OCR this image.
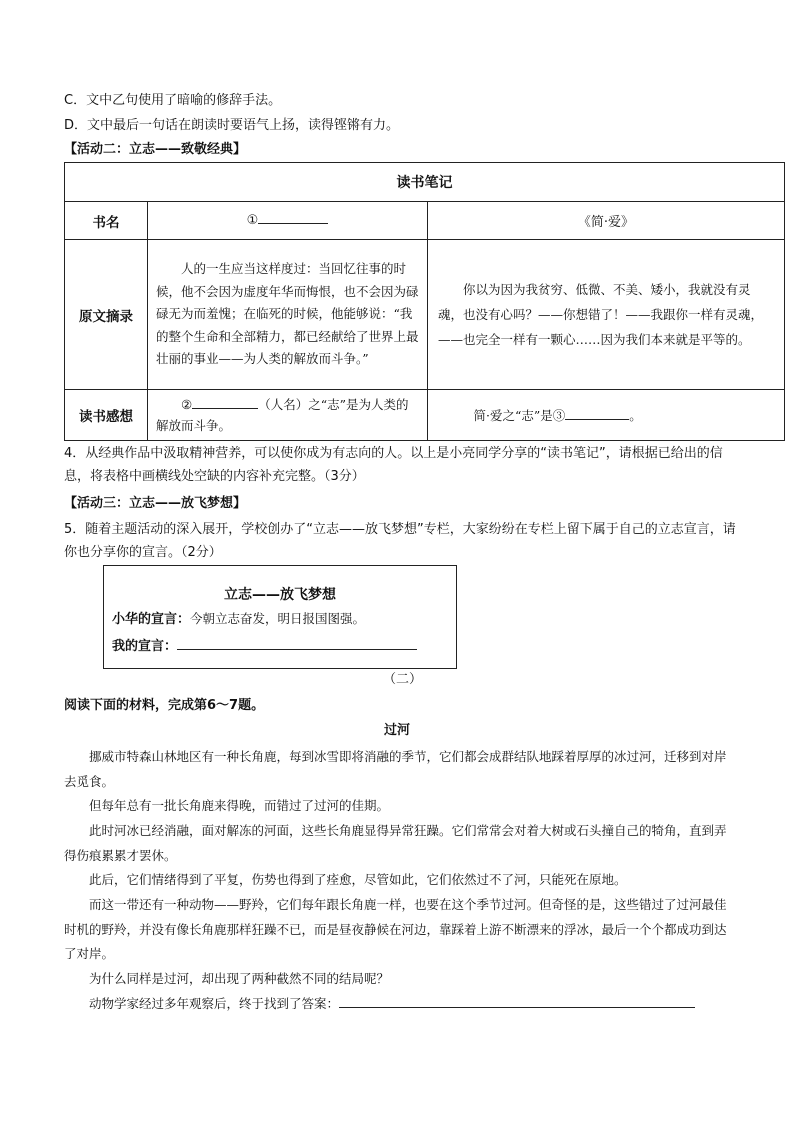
C．文中乙句使用了暗喻的修辞手法。
D．文中最后一句话在朗读时要语气上扬，读得铿锵有力。
【活动二：立志——致敬经典】
读书笔记		
书名	①	《简·爱》
原文摘录	人的一生应当这样度过：当回忆往事的时候，他不会因为虚度年华而悔恨，也不会因为碌碌无为而羞愧；在临死的时候，他能够说：“我的整个生命和全部精力，都已经献给了世界上最壮丽的事业——为人类的解放而斗争。”	你以为因为我贫穷、低微、不美、矮小，我就没有灵魂，也没有心吗？——你想错了！——我跟你一样有灵魂，——也完全一样有一颗心……因为我们本来就是平等的。
读书感想	② （人名）之“志”是为人类的解放而斗争。	简·爱之“志”是③ 。
4．从经典作品中汲取精神营养，可以使你成为有志向的人。以上是小亮同学分享的“读书笔记”，请根据已给出的信息，将表格中画横线处空缺的内容补充完整。（3分）
【活动三：立志——放飞梦想】
5．随着主题活动的深入展开，学校创办了“立志——放飞梦想”专栏，大家纷纷在专栏上留下属于自己的立志宣言，请你也分享你的宣言。（2分）
立志——放飞梦想
小华的宣言：今朝立志奋发，明日报国图强。
我的宣言：
（二）
阅读下面的材料，完成第6～7题。
过河
挪威市特森山林地区有一种长角鹿，每到冰雪即将消融的季节，它们都会成群结队地踩着厚厚的冰过河，迁移到对岸去觅食。
但每年总有一批长角鹿来得晚，而错过了过河的佳期。
此时河冰已经消融，面对解冻的河面，这些长角鹿显得异常狂躁。它们常常会对着大树或石头撞自己的犄角，直到弄得伤痕累累才罢休。
此后，它们情绪得到了平复，伤势也得到了痊愈，尽管如此，它们依然过不了河，只能死在原地。
而这一带还有一种动物——野羚，它们每年跟长角鹿一样，也要在这个季节过河。但奇怪的是，这些错过了过河最佳时机的野羚，并没有像长角鹿那样狂躁不已，而是昼夜静候在河边，靠踩着上游不断漂来的浮冰，最后一个个都成功到达了对岸。
为什么同样是过河，却出现了两种截然不同的结局呢？
动物学家经过多年观察后，终于找到了答案：
